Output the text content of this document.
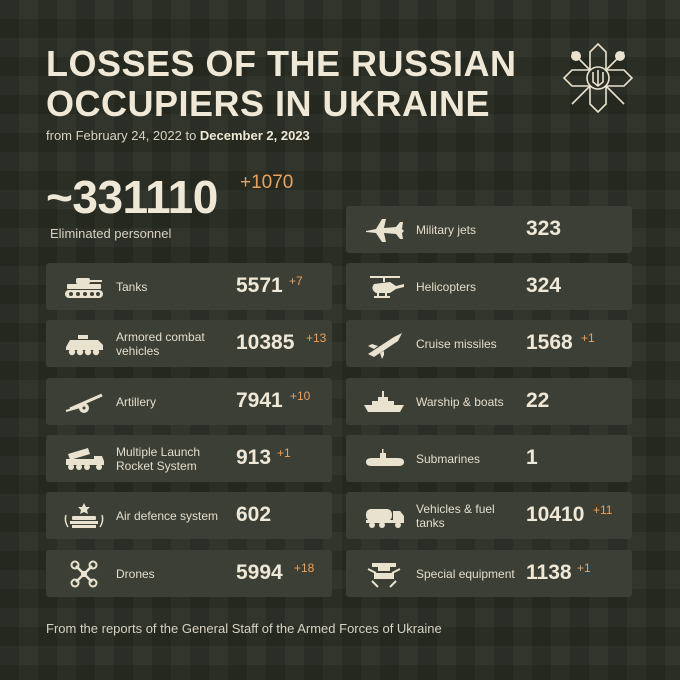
LOSSES OF THE RUSSIAN OCCUPIERS IN UKRAINE
from February 24, 2022 to December 2, 2023
~331110 +1070
Eliminated personnel
Tanks	5571 +7
Armored combat vehicles	10385 +13
Artillery	7941 +10
Multiple Launch Rocket System	913 +1
Air defence system 602
Drones	5994 +18
Military jets	323
Helicopters	324
Cruise missiles	1568 +1
Warship & boats	22
Submarines	1
Vehicles & fuel tanks	10410 +11
Special equipment 1138 +1
From the reports of the General Staff of the Armed Forces of Ukraine
